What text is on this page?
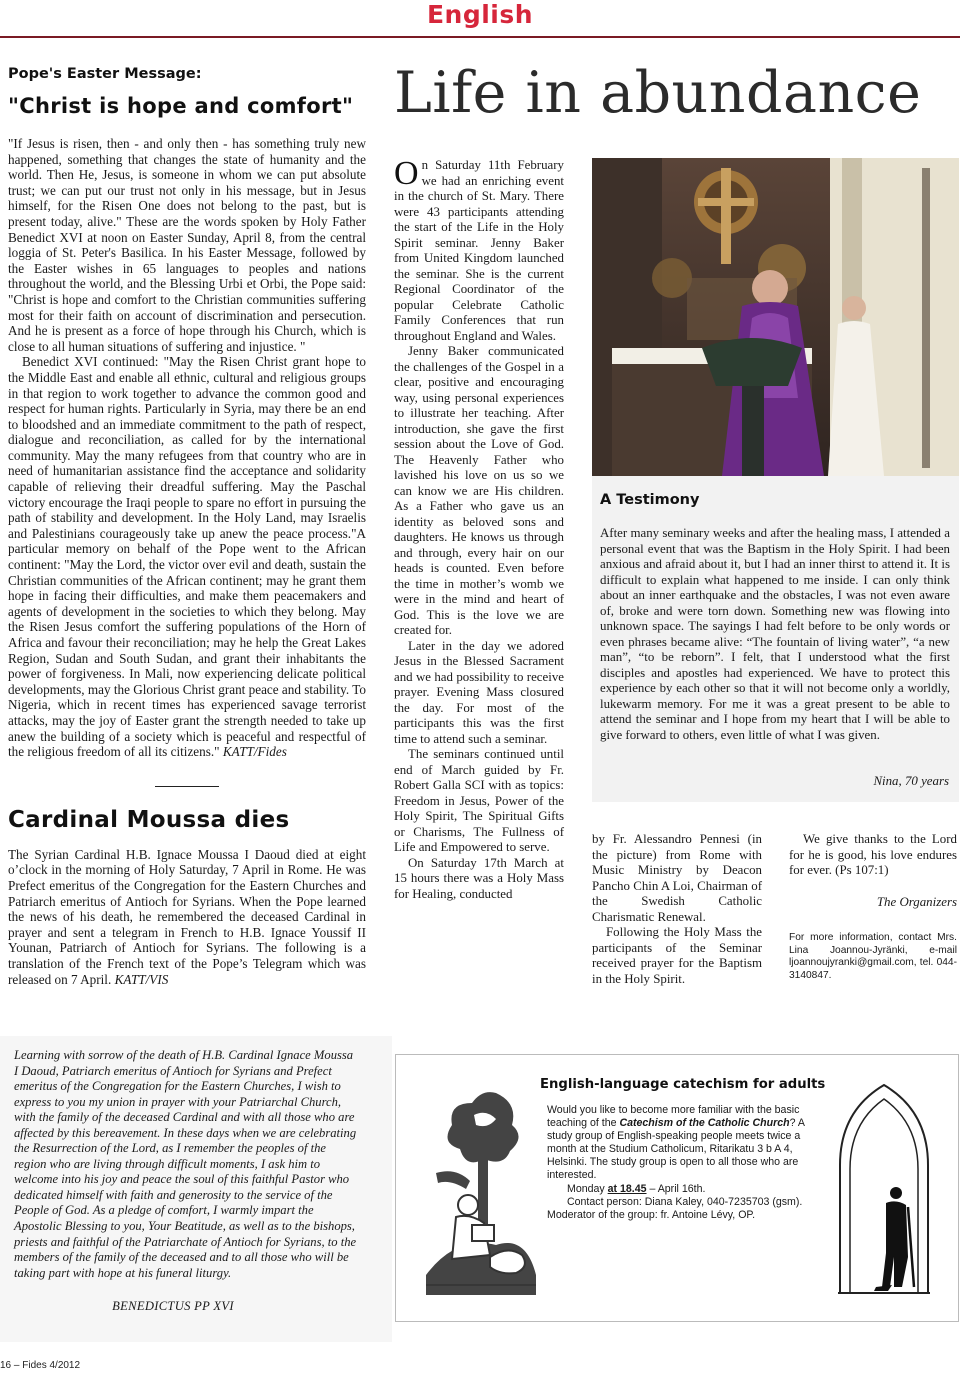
English
Pope's Easter Message:
"Christ is hope and comfort"

"If Jesus is risen, then - and only then - has something truly new happened, something that changes the state of humanity and the world. Then He, Jesus, is someone in whom we can put absolute trust; we can put our trust not only in his message, but in Jesus himself, for the Risen One does not belong to the past, but is present today, alive." These are the words spoken by Holy Father Benedict XVI at noon on Easter Sunday, April 8, from the central loggia of St. Peter's Basilica. In his Easter Message, followed by the Easter wishes in 65 languages to peoples and nations throughout the world, and the Blessing Urbi et Orbi, the Pope said: "Christ is hope and comfort to the Christian communities suffering most for their faith on account of discrimination and persecution. And he is present as a force of hope through his Church, which is close to all human situations of suffering and injustice. "

Benedict XVI continued: "May the Risen Christ grant hope to the Middle East and enable all ethnic, cultural and religious groups in that region to work together to advance the common good and respect for human rights. Particularly in Syria, may there be an end to bloodshed and an immediate commitment to the path of respect, dialogue and reconciliation, as called for by the international community. May the many refugees from that country who are in need of humanitarian assistance find the acceptance and solidarity capable of relieving their dreadful suffering. May the Paschal victory encourage the Iraqi people to spare no effort in pursuing the path of stability and development. In the Holy Land, may Israelis and Palestinians courageously take up anew the peace process."A particular memory on behalf of the Pope went to the African continent: "May the Lord, the victor over evil and death, sustain the Christian communities of the African continent; may he grant them hope in facing their difficulties, and make them peacemakers and agents of development in the societies to which they belong. May the Risen Jesus comfort the suffering populations of the Horn of Africa and favour their reconciliation; may he help the Great Lakes Region, Sudan and South Sudan, and grant their inhabitants the power of forgiveness. In Mali, now experiencing delicate political developments, may the Glorious Christ grant peace and stability. To Nigeria, which in recent times has experienced savage terrorist attacks, may the joy of Easter grant the strength needed to take up anew the building of a society which is peaceful and respectful of the religious freedom of all its citizens." KATT/Fides

Cardinal Moussa dies

The Syrian Cardinal H.B. Ignace Moussa I Daoud died at eight o’clock in the morning of Holy Saturday, 7 April in Rome. He was Prefect emeritus of the Congregation for the Eastern Churches and Patriarch emeritus of Antioch for Syrians. When the Pope learned the news of his death, he remembered the deceased Cardinal in prayer and sent a telegram in French to H.B. Ignace Youssif II Younan, Patriarch of Antioch for Syrians. The following is a translation of the French text of the Pope’s Telegram which was released on 7 April. KATT/VIS

Learning with sorrow of the death of H.B. Cardinal Ignace Moussa I Daoud, Patriarch emeritus of Antioch for Syrians and Prefect emeritus of the Congregation for the Eastern Churches, I wish to express to you my union in prayer with your Patriarchal Church, with the family of the deceased Cardinal and with all those who are affected by this bereavement. In these days when we are celebrating the Resurrection of the Lord, as I remember the peoples of the region who are living through difficult moments, I ask him to welcome into his joy and peace the soul of this faithful Pastor who dedicated himself with faith and generosity to the service of the People of God. As a pledge of comfort, I warmly impart the Apostolic Blessing to you, Your Beatitude, as well as to the bishops, priests and faithful of the Patriarchate of Antioch for Syrians, to the members of the family of the deceased and to all those who will be taking part with hope at his funeral liturgy.
BENEDICTUS PP XVI
16 – Fides 4/2012
Life in abundance

On Saturday 11th February we had an enriching event in the church of St. Mary. There were 43 participants attending the start of the Life in the Holy Spirit seminar. Jenny Baker from United Kingdom launched the seminar. She is the current Regional Coordinator of the popular Celebrate Catholic Family Conferences that run throughout England and Wales.

Jenny Baker communicated the challenges of the Gospel in a clear, positive and encouraging way, using personal experiences to illustrate her teaching. After introduction, she gave the first session about the Love of God. The Heavenly Father who lavished his love on us so we can know we are His children. As a Father who gave us an identity as beloved sons and daughters. He knows us through and through, every hair on our heads is counted. Even before the time in mother’s womb we were in the mind and heart of God. This is the love we are created for.

Later in the day we adored Jesus in the Blessed Sacrament and we had possibility to receive prayer. Evening Mass closured the day. For most of the participants this was the first time to attend such a seminar.

The seminars continued until end of March guided by Fr. Robert Galla SCI with as topics: Freedom in Jesus, Power of the Holy Spirit, The Spiritual Gifts or Charisms, The Fullness of Life and Empowered to serve.

On Saturday 17th March at 15 hours there was a Holy Mass for Healing, conducted

A Testimony
After many seminary weeks and after the healing mass, I attended a personal event that was the Baptism in the Holy Spirit. I had been anxious and afraid about it, but I had an inner thirst to attend it. It is difficult to explain what happened to me inside. I can only think about an inner earthquake and the obstacles, I was not even aware of, broke and were torn down. Something new was flowing into unknown space. The sayings I had felt before to be only words or even phrases became alive: “The fountain of living water”, “a new man”, “to be reborn”. I felt, that I understood what the first disciples and apostles had experienced. We have to protect this experience by each other so that it will not become only a worldly, lukewarm memory. For me it was a great present to be able to attend the seminar and I hope from my heart that I will be able to give forward to others, even little of what I was given.
Nina, 70 years

by Fr. Alessandro Pennesi (in the picture) from Rome with Music Ministry by Deacon Pancho Chin A Loi, Chairman of the Swedish Catholic Charismatic Renewal.

Following the Holy Mass the participants of the Seminar received prayer for the Baptism in the Holy Spirit.

We give thanks to the Lord for he is good, his love endures for ever. (Ps 107:1)
The Organizers
For more information, contact Mrs. Lina Joannou-Jyränki, e-mail ljoannoujyranki@gmail.com, tel. 044-3140847.
English-language catechism for adults
Would you like to become more familiar with the basic teaching of the Catechism of the Catholic Church? A study group of English-speaking people meets twice a month at the Studium Catholicum, Ritarikatu 3 b A 4, Helsinki. The study group is open to all those who are interested.
Monday at 18.45 – April 16th.
Contact person: Diana Kaley, 040-7235703 (gsm).
Moderator of the group: fr. Antoine Lévy, OP.
